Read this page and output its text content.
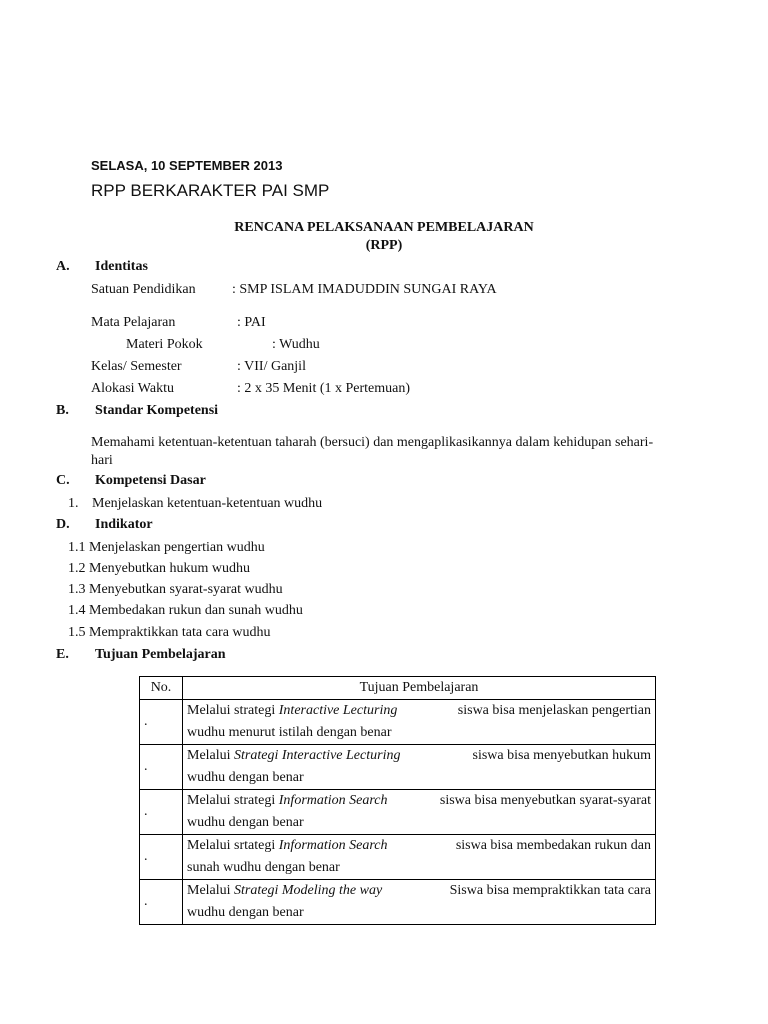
SELASA, 10 SEPTEMBER 2013
RPP BERKARAKTER PAI SMP
RENCANA PELAKSANAAN PEMBELAJARAN
(RPP)
A. Identitas
Satuan Pendidikan	: SMP ISLAM IMADUDDIN SUNGAI RAYA
Mata Pelajaran	: PAI
Materi Pokok	: Wudhu
Kelas/ Semester	: VII/ Ganjil
Alokasi Waktu	: 2 x 35 Menit (1 x Pertemuan)
B. Standar Kompetensi
Memahami ketentuan-ketentuan taharah (bersuci) dan mengaplikasikannya dalam kehidupan sehari-hari
C. Kompetensi Dasar
1. Menjelaskan ketentuan-ketentuan wudhu
D. Indikator
1.1 Menjelaskan pengertian wudhu
1.2 Menyebutkan hukum wudhu
1.3 Menyebutkan syarat-syarat wudhu
1.4 Membedakan rukun dan sunah wudhu
1.5 Mempraktikkan tata cara wudhu
E. Tujuan Pembelajaran
No.	Tujuan Pembelajaran
.	Melalui strategi Interactive Lecturing siswa bisa menjelaskan pengertian
wudhu menurut istilah dengan benar

.	Melalui Strategi Interactive Lecturing siswa bisa menyebutkan hukum
wudhu dengan benar

.	Melalui strategi Information Search siswa bisa menyebutkan syarat-syarat
wudhu dengan benar

.	Melalui srtategi Information Search siswa bisa membedakan rukun dan
sunah wudhu dengan benar

.	Melalui Strategi Modeling the way Siswa bisa mempraktikkan tata cara
wudhu dengan benar
